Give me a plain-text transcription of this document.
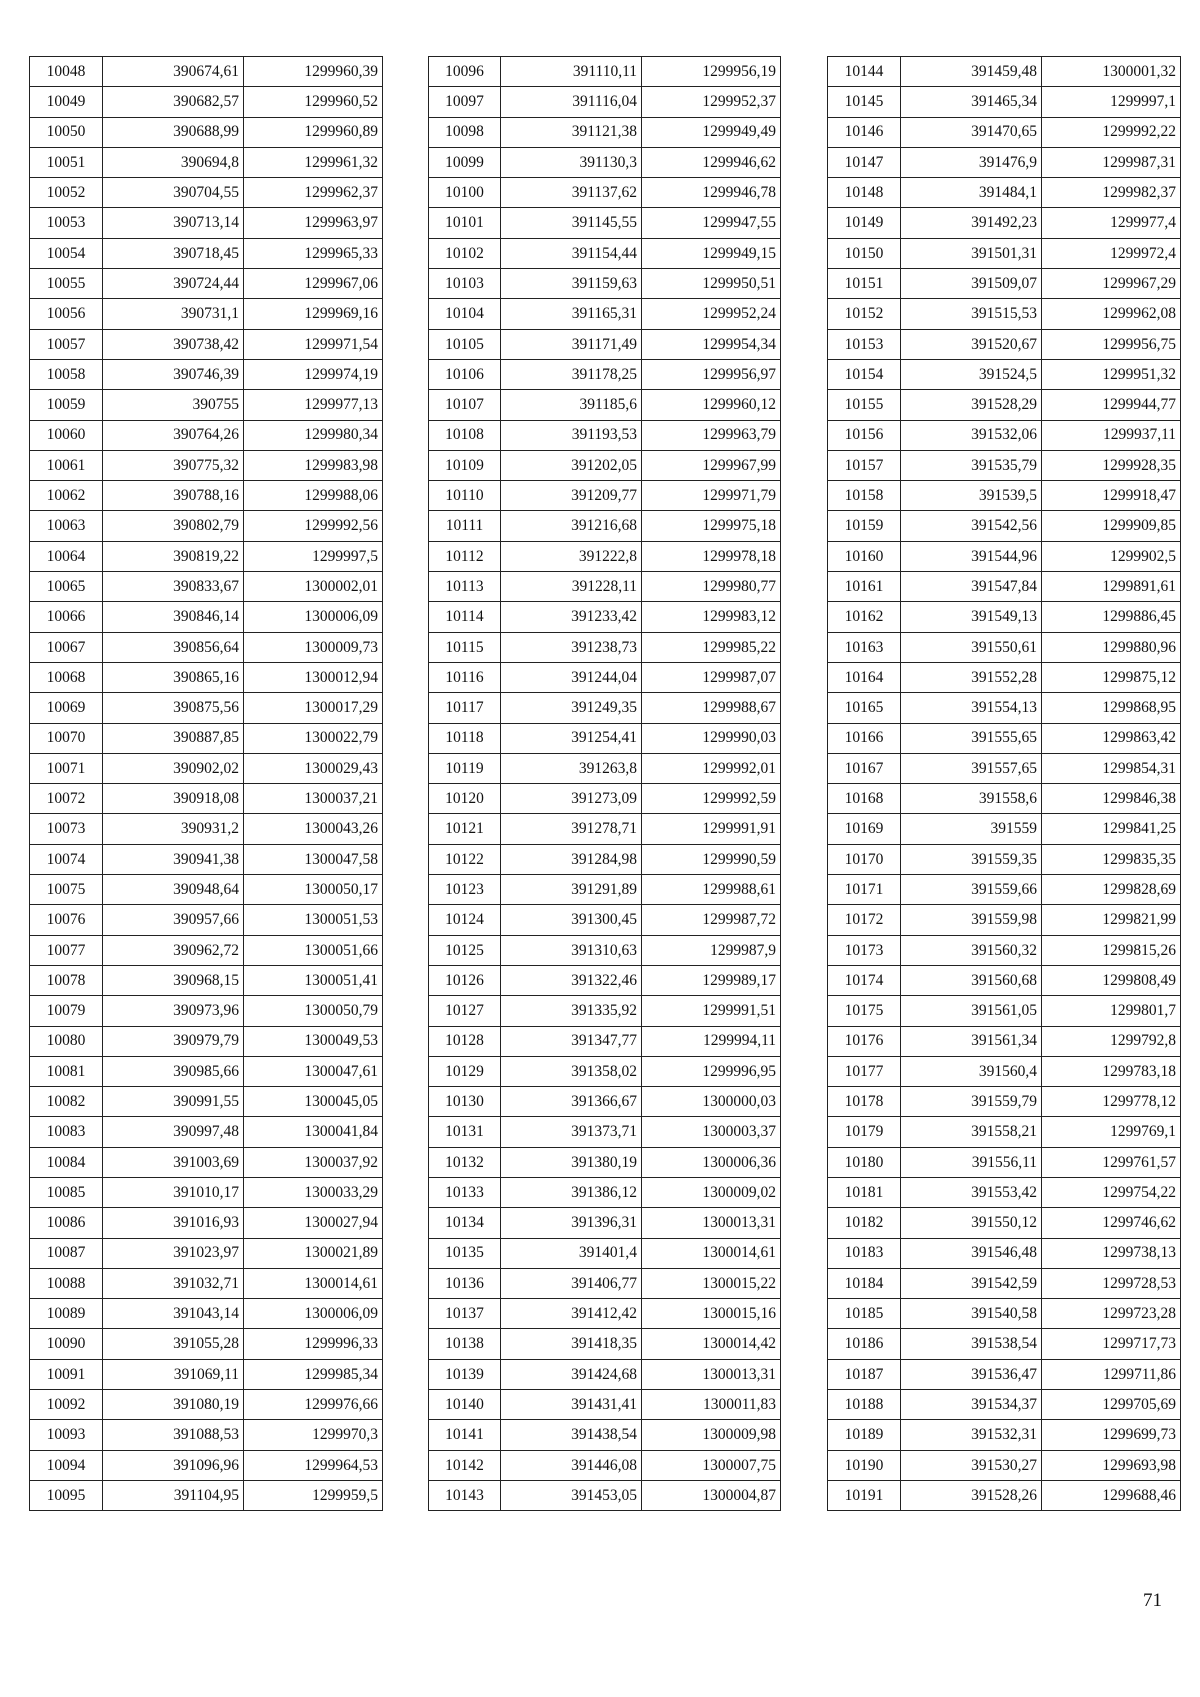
10048	390674,61	1299960,39
10049	390682,57	1299960,52
10050	390688,99	1299960,89
10051	390694,8	1299961,32
10052	390704,55	1299962,37
10053	390713,14	1299963,97
10054	390718,45	1299965,33
10055	390724,44	1299967,06
10056	390731,1	1299969,16
10057	390738,42	1299971,54
10058	390746,39	1299974,19
10059	390755	1299977,13
10060	390764,26	1299980,34
10061	390775,32	1299983,98
10062	390788,16	1299988,06
10063	390802,79	1299992,56
10064	390819,22	1299997,5
10065	390833,67	1300002,01
10066	390846,14	1300006,09
10067	390856,64	1300009,73
10068	390865,16	1300012,94
10069	390875,56	1300017,29
10070	390887,85	1300022,79
10071	390902,02	1300029,43
10072	390918,08	1300037,21
10073	390931,2	1300043,26
10074	390941,38	1300047,58
10075	390948,64	1300050,17
10076	390957,66	1300051,53
10077	390962,72	1300051,66
10078	390968,15	1300051,41
10079	390973,96	1300050,79
10080	390979,79	1300049,53
10081	390985,66	1300047,61
10082	390991,55	1300045,05
10083	390997,48	1300041,84
10084	391003,69	1300037,92
10085	391010,17	1300033,29
10086	391016,93	1300027,94
10087	391023,97	1300021,89
10088	391032,71	1300014,61
10089	391043,14	1300006,09
10090	391055,28	1299996,33
10091	391069,11	1299985,34
10092	391080,19	1299976,66
10093	391088,53	1299970,3
10094	391096,96	1299964,53
10095	391104,95	1299959,5
10096	391110,11	1299956,19
10097	391116,04	1299952,37
10098	391121,38	1299949,49
10099	391130,3	1299946,62
10100	391137,62	1299946,78
10101	391145,55	1299947,55
10102	391154,44	1299949,15
10103	391159,63	1299950,51
10104	391165,31	1299952,24
10105	391171,49	1299954,34
10106	391178,25	1299956,97
10107	391185,6	1299960,12
10108	391193,53	1299963,79
10109	391202,05	1299967,99
10110	391209,77	1299971,79
10111	391216,68	1299975,18
10112	391222,8	1299978,18
10113	391228,11	1299980,77
10114	391233,42	1299983,12
10115	391238,73	1299985,22
10116	391244,04	1299987,07
10117	391249,35	1299988,67
10118	391254,41	1299990,03
10119	391263,8	1299992,01
10120	391273,09	1299992,59
10121	391278,71	1299991,91
10122	391284,98	1299990,59
10123	391291,89	1299988,61
10124	391300,45	1299987,72
10125	391310,63	1299987,9
10126	391322,46	1299989,17
10127	391335,92	1299991,51
10128	391347,77	1299994,11
10129	391358,02	1299996,95
10130	391366,67	1300000,03
10131	391373,71	1300003,37
10132	391380,19	1300006,36
10133	391386,12	1300009,02
10134	391396,31	1300013,31
10135	391401,4	1300014,61
10136	391406,77	1300015,22
10137	391412,42	1300015,16
10138	391418,35	1300014,42
10139	391424,68	1300013,31
10140	391431,41	1300011,83
10141	391438,54	1300009,98
10142	391446,08	1300007,75
10143	391453,05	1300004,87
10144	391459,48	1300001,32
10145	391465,34	1299997,1
10146	391470,65	1299992,22
10147	391476,9	1299987,31
10148	391484,1	1299982,37
10149	391492,23	1299977,4
10150	391501,31	1299972,4
10151	391509,07	1299967,29
10152	391515,53	1299962,08
10153	391520,67	1299956,75
10154	391524,5	1299951,32
10155	391528,29	1299944,77
10156	391532,06	1299937,11
10157	391535,79	1299928,35
10158	391539,5	1299918,47
10159	391542,56	1299909,85
10160	391544,96	1299902,5
10161	391547,84	1299891,61
10162	391549,13	1299886,45
10163	391550,61	1299880,96
10164	391552,28	1299875,12
10165	391554,13	1299868,95
10166	391555,65	1299863,42
10167	391557,65	1299854,31
10168	391558,6	1299846,38
10169	391559	1299841,25
10170	391559,35	1299835,35
10171	391559,66	1299828,69
10172	391559,98	1299821,99
10173	391560,32	1299815,26
10174	391560,68	1299808,49
10175	391561,05	1299801,7
10176	391561,34	1299792,8
10177	391560,4	1299783,18
10178	391559,79	1299778,12
10179	391558,21	1299769,1
10180	391556,11	1299761,57
10181	391553,42	1299754,22
10182	391550,12	1299746,62
10183	391546,48	1299738,13
10184	391542,59	1299728,53
10185	391540,58	1299723,28
10186	391538,54	1299717,73
10187	391536,47	1299711,86
10188	391534,37	1299705,69
10189	391532,31	1299699,73
10190	391530,27	1299693,98
10191	391528,26	1299688,46
71
